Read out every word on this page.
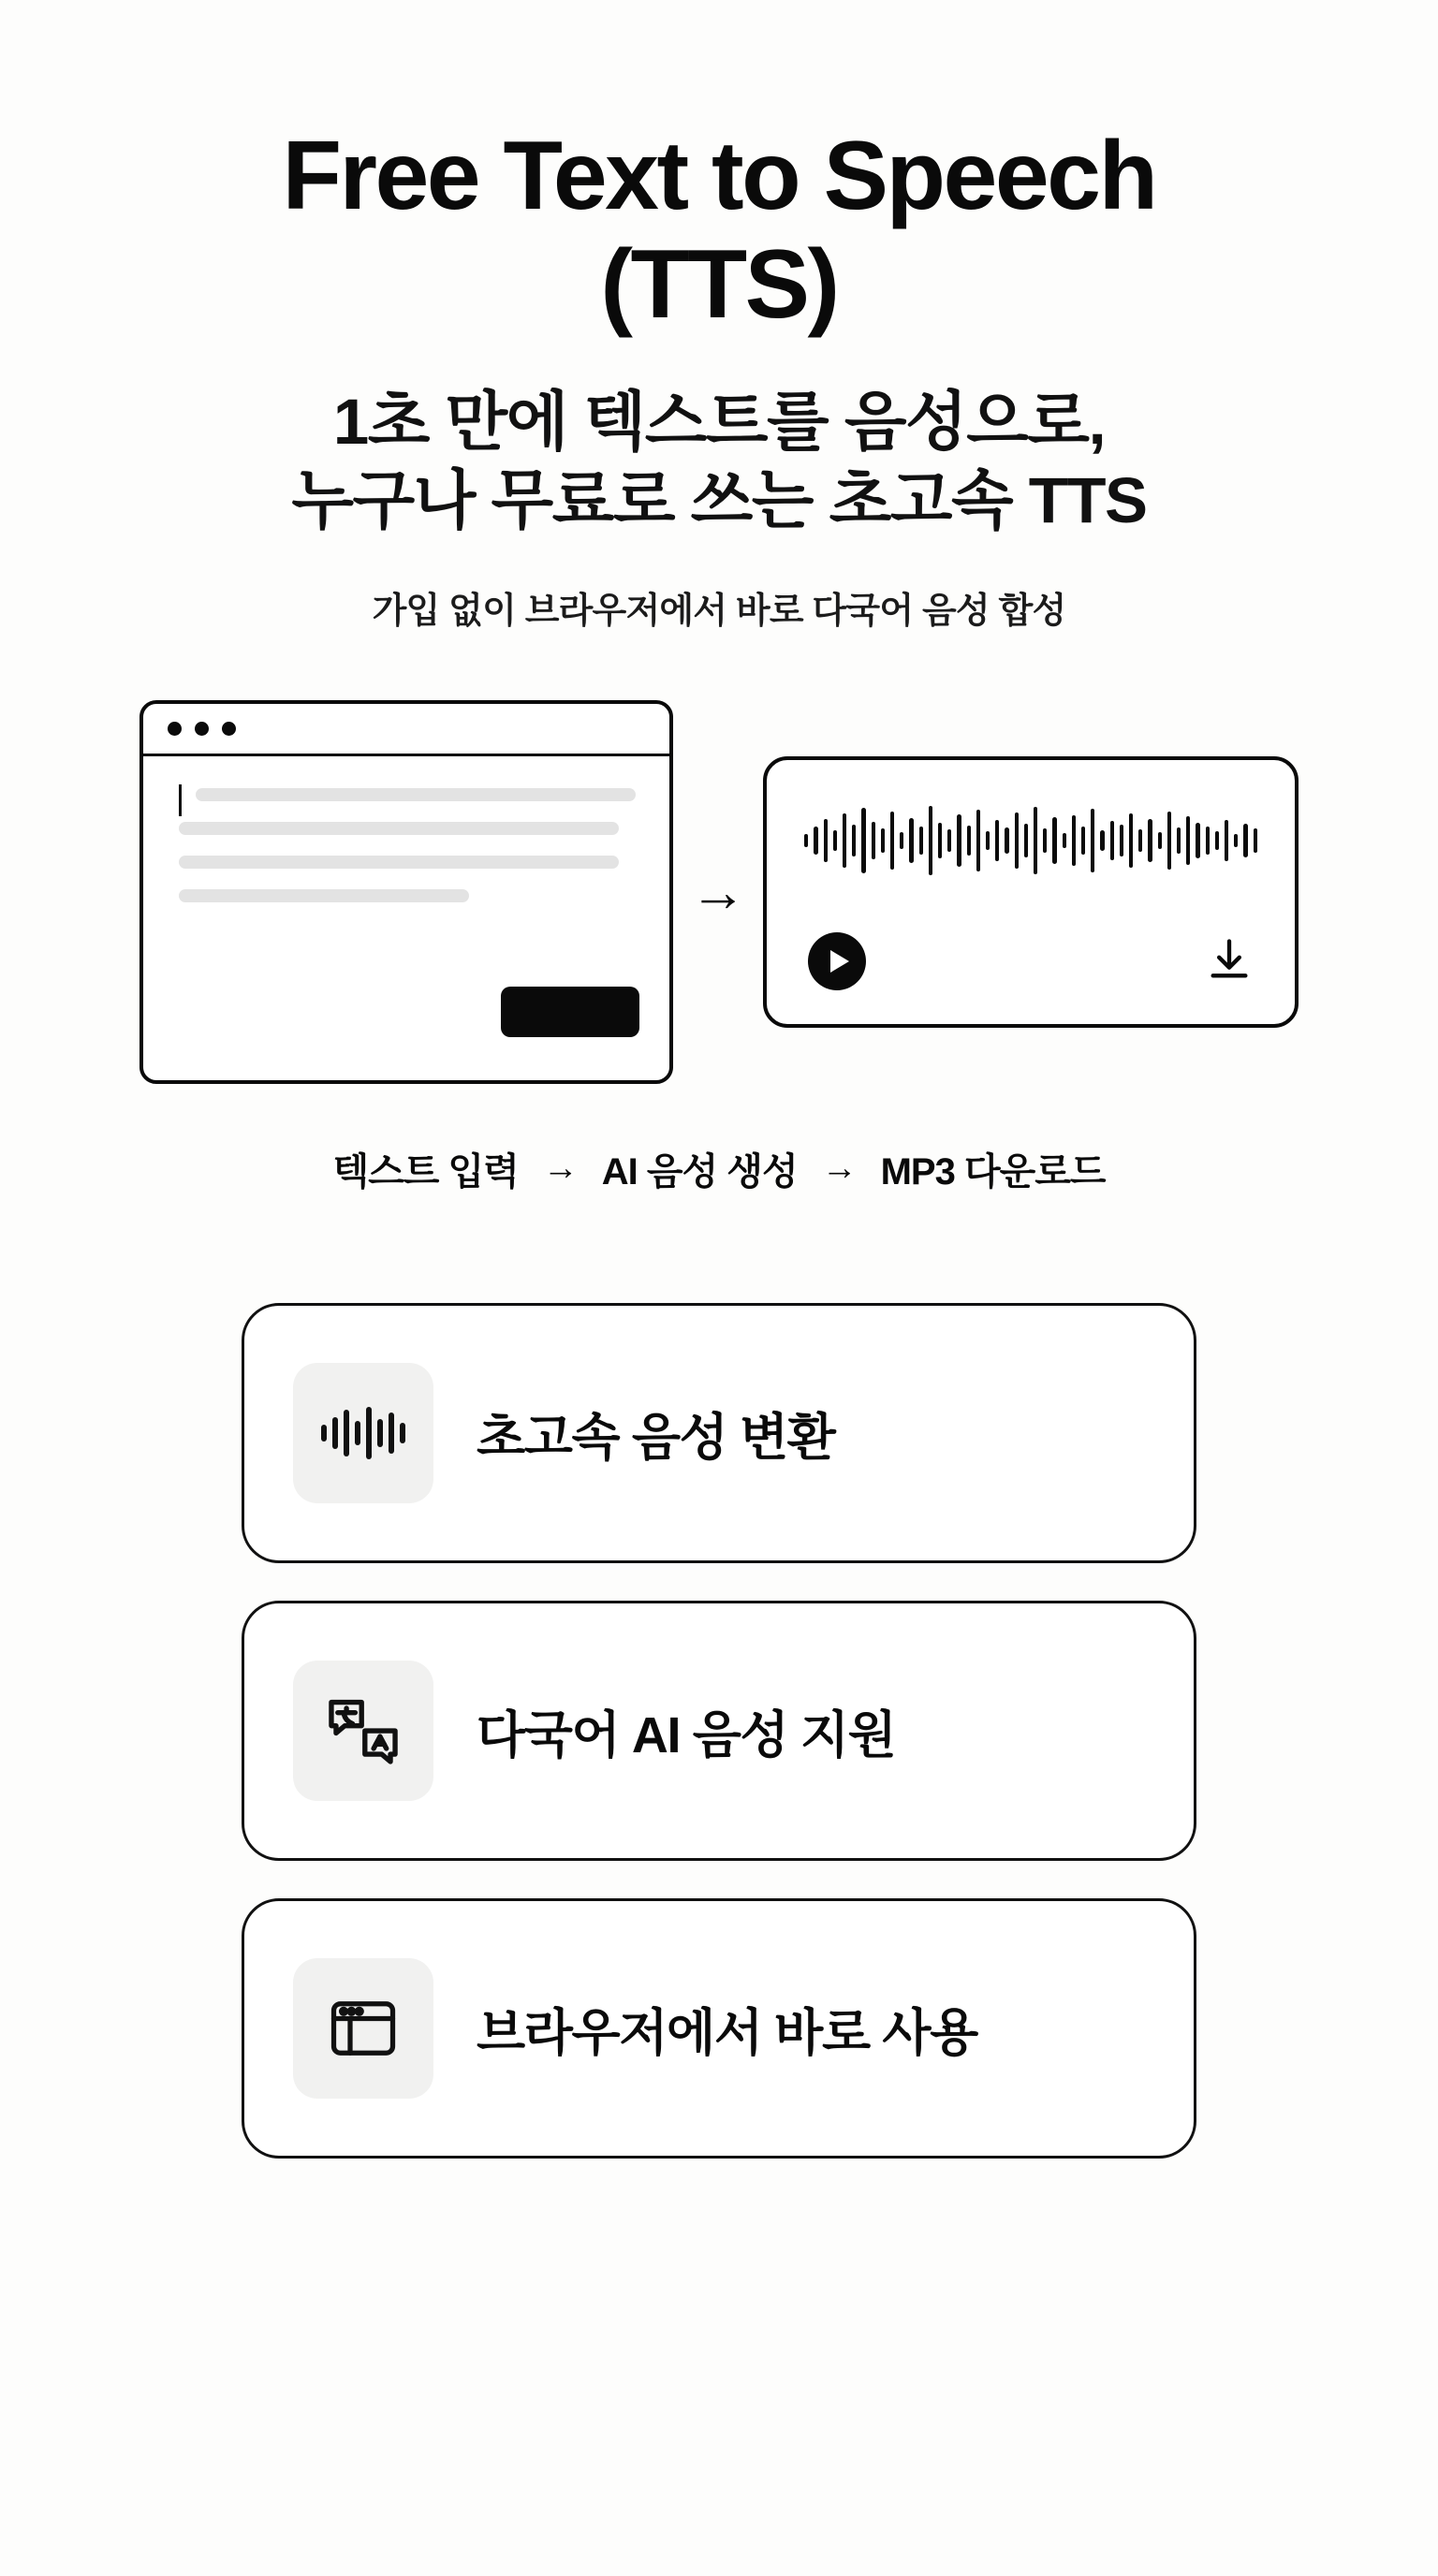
Free Text to Speech (TTS)
1초 만에 텍스트를 음성으로,
누구나 무료로 쓰는 초고속 TTS
가입 없이 브라우저에서 바로 다국어 음성 합성
→
텍스트 입력 → AI 음성 생성 → MP3 다운로드
초고속 음성 변환
다국어 AI 음성 지원
브라우저에서 바로 사용
